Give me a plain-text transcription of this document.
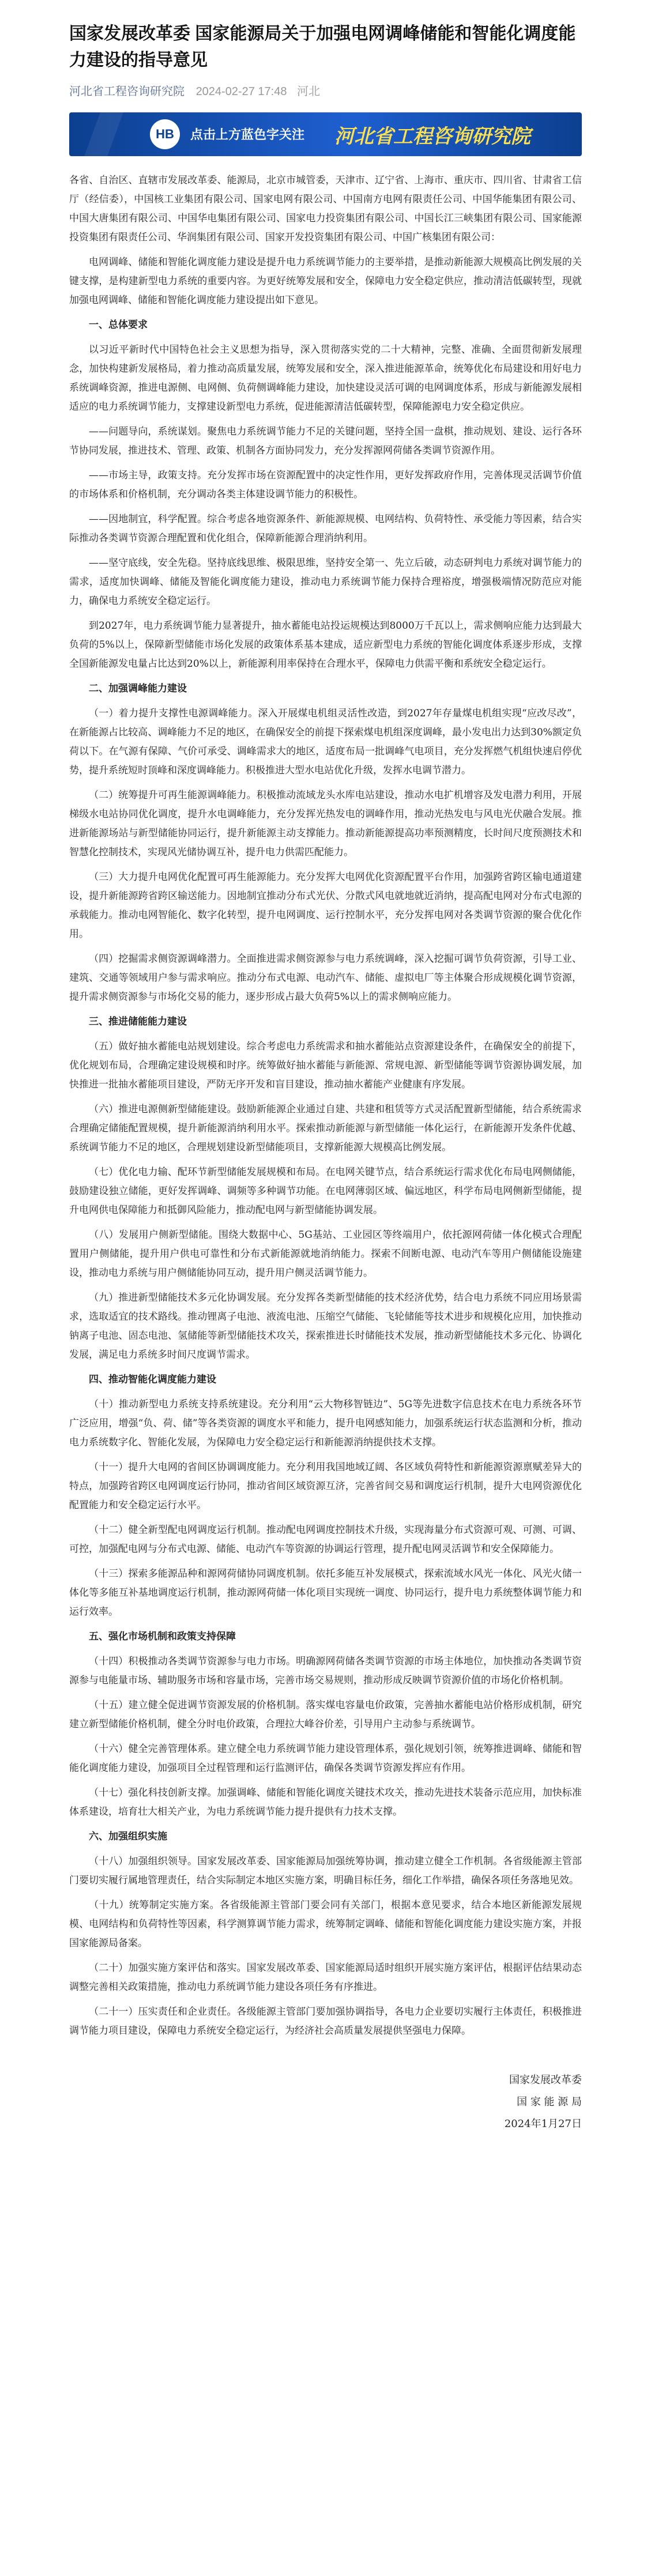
国家发展改革委 国家能源局关于加强电网调峰储能和智能化调度能力建设的指导意见
河北省工程咨询研究院 2024-02-27 17:48 河北
HB	点击上方蓝色字关注 河北省工程咨询研究院

各省、自治区、直辖市发展改革委、能源局，北京市城管委，天津市、辽宁省、上海市、重庆市、四川省、甘肃省工信厅（经信委），中国核工业集团有限公司、国家电网有限公司、中国南方电网有限责任公司、中国华能集团有限公司、中国大唐集团有限公司、中国华电集团有限公司、国家电力投资集团有限公司、中国长江三峡集团有限公司、国家能源投资集团有限责任公司、华润集团有限公司、国家开发投资集团有限公司、中国广核集团有限公司：

电网调峰、储能和智能化调度能力建设是提升电力系统调节能力的主要举措，是推动新能源大规模高比例发展的关键支撑，是构建新型电力系统的重要内容。为更好统筹发展和安全，保障电力安全稳定供应，推动清洁低碳转型，现就加强电网调峰、储能和智能化调度能力建设提出如下意见。

一、总体要求

以习近平新时代中国特色社会主义思想为指导，深入贯彻落实党的二十大精神，完整、准确、全面贯彻新发展理念，加快构建新发展格局，着力推动高质量发展，统筹发展和安全，深入推进能源革命，统筹优化布局建设和用好电力系统调峰资源，推进电源侧、电网侧、负荷侧调峰能力建设，加快建设灵活可调的电网调度体系，形成与新能源发展相适应的电力系统调节能力，支撑建设新型电力系统，促进能源清洁低碳转型，保障能源电力安全稳定供应。

——问题导向，系统谋划。聚焦电力系统调节能力不足的关键问题，坚持全国一盘棋，推动规划、建设、运行各环节协同发展，推进技术、管理、政策、机制各方面协同发力，充分发挥源网荷储各类调节资源作用。

——市场主导，政策支持。充分发挥市场在资源配置中的决定性作用，更好发挥政府作用，完善体现灵活调节价值的市场体系和价格机制，充分调动各类主体建设调节能力的积极性。

——因地制宜，科学配置。综合考虑各地资源条件、新能源规模、电网结构、负荷特性、承受能力等因素，结合实际推动各类调节资源合理配置和优化组合，保障新能源合理消纳利用。

——坚守底线，安全先稳。坚持底线思维、极限思维，坚持安全第一、先立后破，动态研判电力系统对调节能力的需求，适度加快调峰、储能及智能化调度能力建设，推动电力系统调节能力保持合理裕度，增强极端情况防范应对能力，确保电力系统安全稳定运行。

到2027年，电力系统调节能力显著提升，抽水蓄能电站投运规模达到8000万千瓦以上，需求侧响应能力达到最大负荷的5%以上，保障新型储能市场化发展的政策体系基本建成，适应新型电力系统的智能化调度体系逐步形成，支撑全国新能源发电量占比达到20%以上，新能源利用率保持在合理水平，保障电力供需平衡和系统安全稳定运行。

二、加强调峰能力建设

（一）着力提升支撑性电源调峰能力。深入开展煤电机组灵活性改造，到2027年存量煤电机组实现“应改尽改”，在新能源占比较高、调峰能力不足的地区，在确保安全的前提下探索煤电机组深度调峰，最小发电出力达到30%额定负荷以下。在气源有保障、气价可承受、调峰需求大的地区，适度布局一批调峰气电项目，充分发挥燃气机组快速启停优势，提升系统短时顶峰和深度调峰能力。积极推进大型水电站优化升级，发挥水电调节潜力。

（二）统筹提升可再生能源调峰能力。积极推动流域龙头水库电站建设，推动水电扩机增容及发电潜力利用，开展梯级水电站协同优化调度，提升水电调峰能力，充分发挥光热发电的调峰作用，推动光热发电与风电光伏融合发展。推进新能源场站与新型储能协同运行，提升新能源主动支撑能力。推动新能源提高功率预测精度，长时间尺度预测技术和智慧化控制技术，实现风光储协调互补，提升电力供需匹配能力。

（三）大力提升电网优化配置可再生能源能力。充分发挥大电网优化资源配置平台作用，加强跨省跨区输电通道建设，提升新能源跨省跨区输送能力。因地制宜推动分布式光伏、分散式风电就地就近消纳，提高配电网对分布式电源的承载能力。推动电网智能化、数字化转型，提升电网调度、运行控制水平，充分发挥电网对各类调节资源的聚合优化作用。

（四）挖掘需求侧资源调峰潜力。全面推进需求侧资源参与电力系统调峰，深入挖掘可调节负荷资源，引导工业、建筑、交通等领域用户参与需求响应。推动分布式电源、电动汽车、储能、虚拟电厂等主体聚合形成规模化调节资源，提升需求侧资源参与市场化交易的能力，逐步形成占最大负荷5%以上的需求侧响应能力。

三、推进储能能力建设

（五）做好抽水蓄能电站规划建设。综合考虑电力系统需求和抽水蓄能站点资源建设条件，在确保安全的前提下，优化规划布局，合理确定建设规模和时序。统筹做好抽水蓄能与新能源、常规电源、新型储能等调节资源协调发展，加快推进一批抽水蓄能项目建设，严防无序开发和盲目建设，推动抽水蓄能产业健康有序发展。

（六）推进电源侧新型储能建设。鼓励新能源企业通过自建、共建和租赁等方式灵活配置新型储能，结合系统需求合理确定储能配置规模，提升新能源消纳利用水平。探索推动新能源与新型储能一体化运行，在新能源开发条件优越、系统调节能力不足的地区，合理规划建设新型储能项目，支撑新能源大规模高比例发展。

（七）优化电力输、配环节新型储能发展规模和布局。在电网关键节点，结合系统运行需求优化布局电网侧储能，鼓励建设独立储能，更好发挥调峰、调频等多种调节功能。在电网薄弱区域、偏远地区，科学布局电网侧新型储能，提升电网供电保障能力和抵御风险能力，推动配电网与新型储能协调发展。

（八）发展用户侧新型储能。围绕大数据中心、5G基站、工业园区等终端用户，依托源网荷储一体化模式合理配置用户侧储能，提升用户供电可靠性和分布式新能源就地消纳能力。探索不间断电源、电动汽车等用户侧储能设施建设，推动电力系统与用户侧储能协同互动，提升用户侧灵活调节能力。

（九）推进新型储能技术多元化协调发展。充分发挥各类新型储能的技术经济优势，结合电力系统不同应用场景需求，选取适宜的技术路线。推动锂离子电池、液流电池、压缩空气储能、飞轮储能等技术进步和规模化应用，加快推动钠离子电池、固态电池、氢储能等新型储能技术攻关，探索推进长时储能技术发展，推动新型储能技术多元化、协调化发展，满足电力系统多时间尺度调节需求。

四、推动智能化调度能力建设

（十）推动新型电力系统支持系统建设。充分利用“云大物移智链边”、5G等先进数字信息技术在电力系统各环节广泛应用，增强“负、荷、储”等各类资源的调度水平和能力，提升电网感知能力，加强系统运行状态监测和分析，推动电力系统数字化、智能化发展，为保障电力安全稳定运行和新能源消纳提供技术支撑。

（十一）提升大电网的省间区协调调度能力。充分利用我国地域辽阔、各区域负荷特性和新能源资源禀赋差异大的特点，加强跨省跨区电网调度运行协同，推动省间区域资源互济，完善省间交易和调度运行机制，提升大电网资源优化配置能力和安全稳定运行水平。

（十二）健全新型配电网调度运行机制。推动配电网调度控制技术升级，实现海量分布式资源可观、可测、可调、可控，加强配电网与分布式电源、储能、电动汽车等资源的协调运行管理，提升配电网灵活调节和安全保障能力。

（十三）探索多能源品种和源网荷储协同调度机制。依托多能互补发展模式，探索流域水风光一体化、风光火储一体化等多能互补基地调度运行机制，推动源网荷储一体化项目实现统一调度、协同运行，提升电力系统整体调节能力和运行效率。

五、强化市场机制和政策支持保障

（十四）积极推动各类调节资源参与电力市场。明确源网荷储各类调节资源的市场主体地位，加快推动各类调节资源参与电能量市场、辅助服务市场和容量市场，完善市场交易规则，推动形成反映调节资源价值的市场化价格机制。

（十五）建立健全促进调节资源发展的价格机制。落实煤电容量电价政策，完善抽水蓄能电站价格形成机制，研究建立新型储能价格机制，健全分时电价政策，合理拉大峰谷价差，引导用户主动参与系统调节。

（十六）健全完善管理体系。建立健全电力系统调节能力建设管理体系，强化规划引领，统筹推进调峰、储能和智能化调度能力建设，加强项目全过程管理和运行监测评估，确保各类调节资源发挥应有作用。

（十七）强化科技创新支撑。加强调峰、储能和智能化调度关键技术攻关，推动先进技术装备示范应用，加快标准体系建设，培育壮大相关产业，为电力系统调节能力提升提供有力技术支撑。

六、加强组织实施

（十八）加强组织领导。国家发展改革委、国家能源局加强统筹协调，推动建立健全工作机制。各省级能源主管部门要切实履行属地管理责任，结合实际制定本地区实施方案，明确目标任务，细化工作举措，确保各项任务落地见效。

（十九）统筹制定实施方案。各省级能源主管部门要会同有关部门，根据本意见要求，结合本地区新能源发展规模、电网结构和负荷特性等因素，科学测算调节能力需求，统筹制定调峰、储能和智能化调度能力建设实施方案，并报国家能源局备案。

（二十）加强实施方案评估和落实。国家发展改革委、国家能源局适时组织开展实施方案评估，根据评估结果动态调整完善相关政策措施，推动电力系统调节能力建设各项任务有序推进。

（二十一）压实责任和企业责任。各级能源主管部门要加强协调指导，各电力企业要切实履行主体责任，积极推进调节能力项目建设，保障电力系统安全稳定运行，为经济社会高质量发展提供坚强电力保障。

国家发展改革委
国 家 能 源 局
2024年1月27日
